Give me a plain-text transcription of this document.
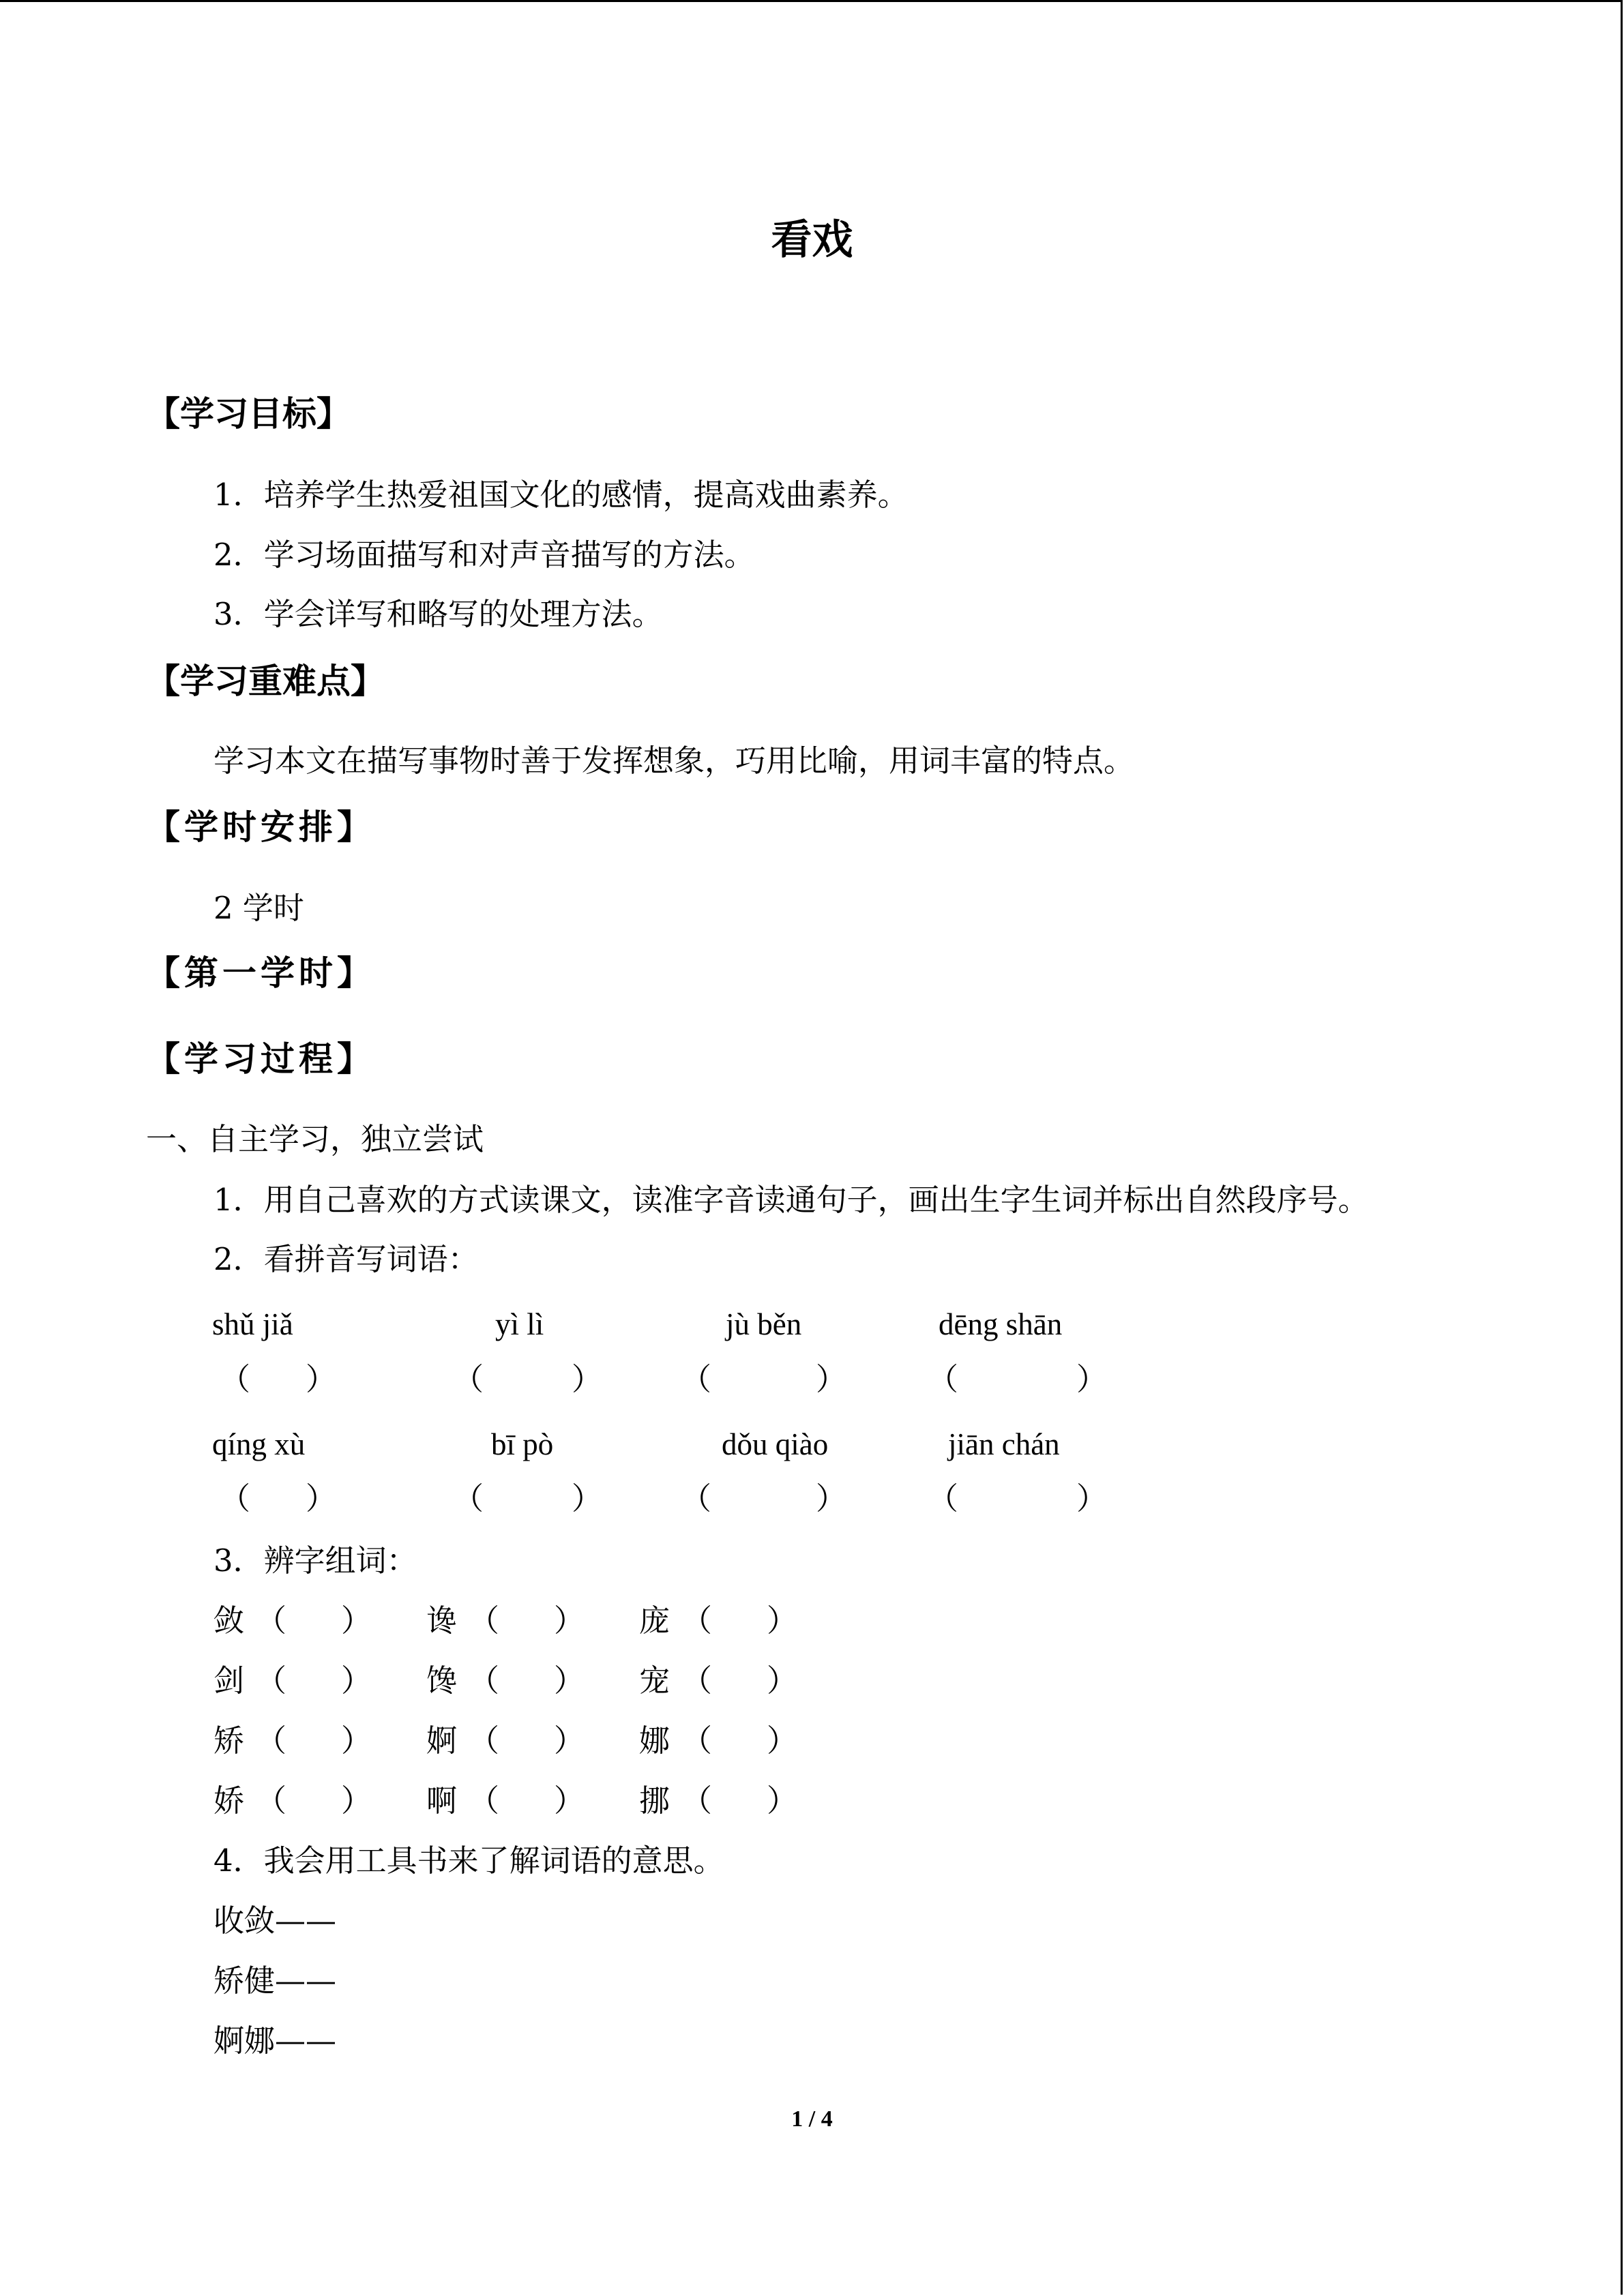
看戏
【学习目标】
1．培养学生热爱祖国文化的感情，提高戏曲素养。
2．学习场面描写和对声音描写的方法。
3．学会详写和略写的处理方法。
【学习重难点】
学习本文在描写事物时善于发挥想象，巧用比喻，用词丰富的特点。
【学时安排】
2 学时
【第一学时】
【学习过程】
一、自主学习，独立尝试
1．用自己喜欢的方式读课文，读准字音读通句子，画出生字生词并标出自然段序号。
2．看拼音写词语：
shǔ jiǎ	yì lì	jù běn	dēng shān
（ ）	（	）	（	）	（	）
qíng xù	bī pò	dǒu qiào	jiān chán
（ ）	（	）	（	）	（	）
3．辨字组词：
敛 （ ） 谗 （ ） 庞 （ ）
剑 （ ） 馋 （ ） 宠 （ ）
矫 （ ） 婀 （ ） 娜 （ ）
娇 （ ） 啊 （ ） 挪 （ ）
4．我会用工具书来了解词语的意思。
收敛——
矫健——
婀娜——
1 / 4
